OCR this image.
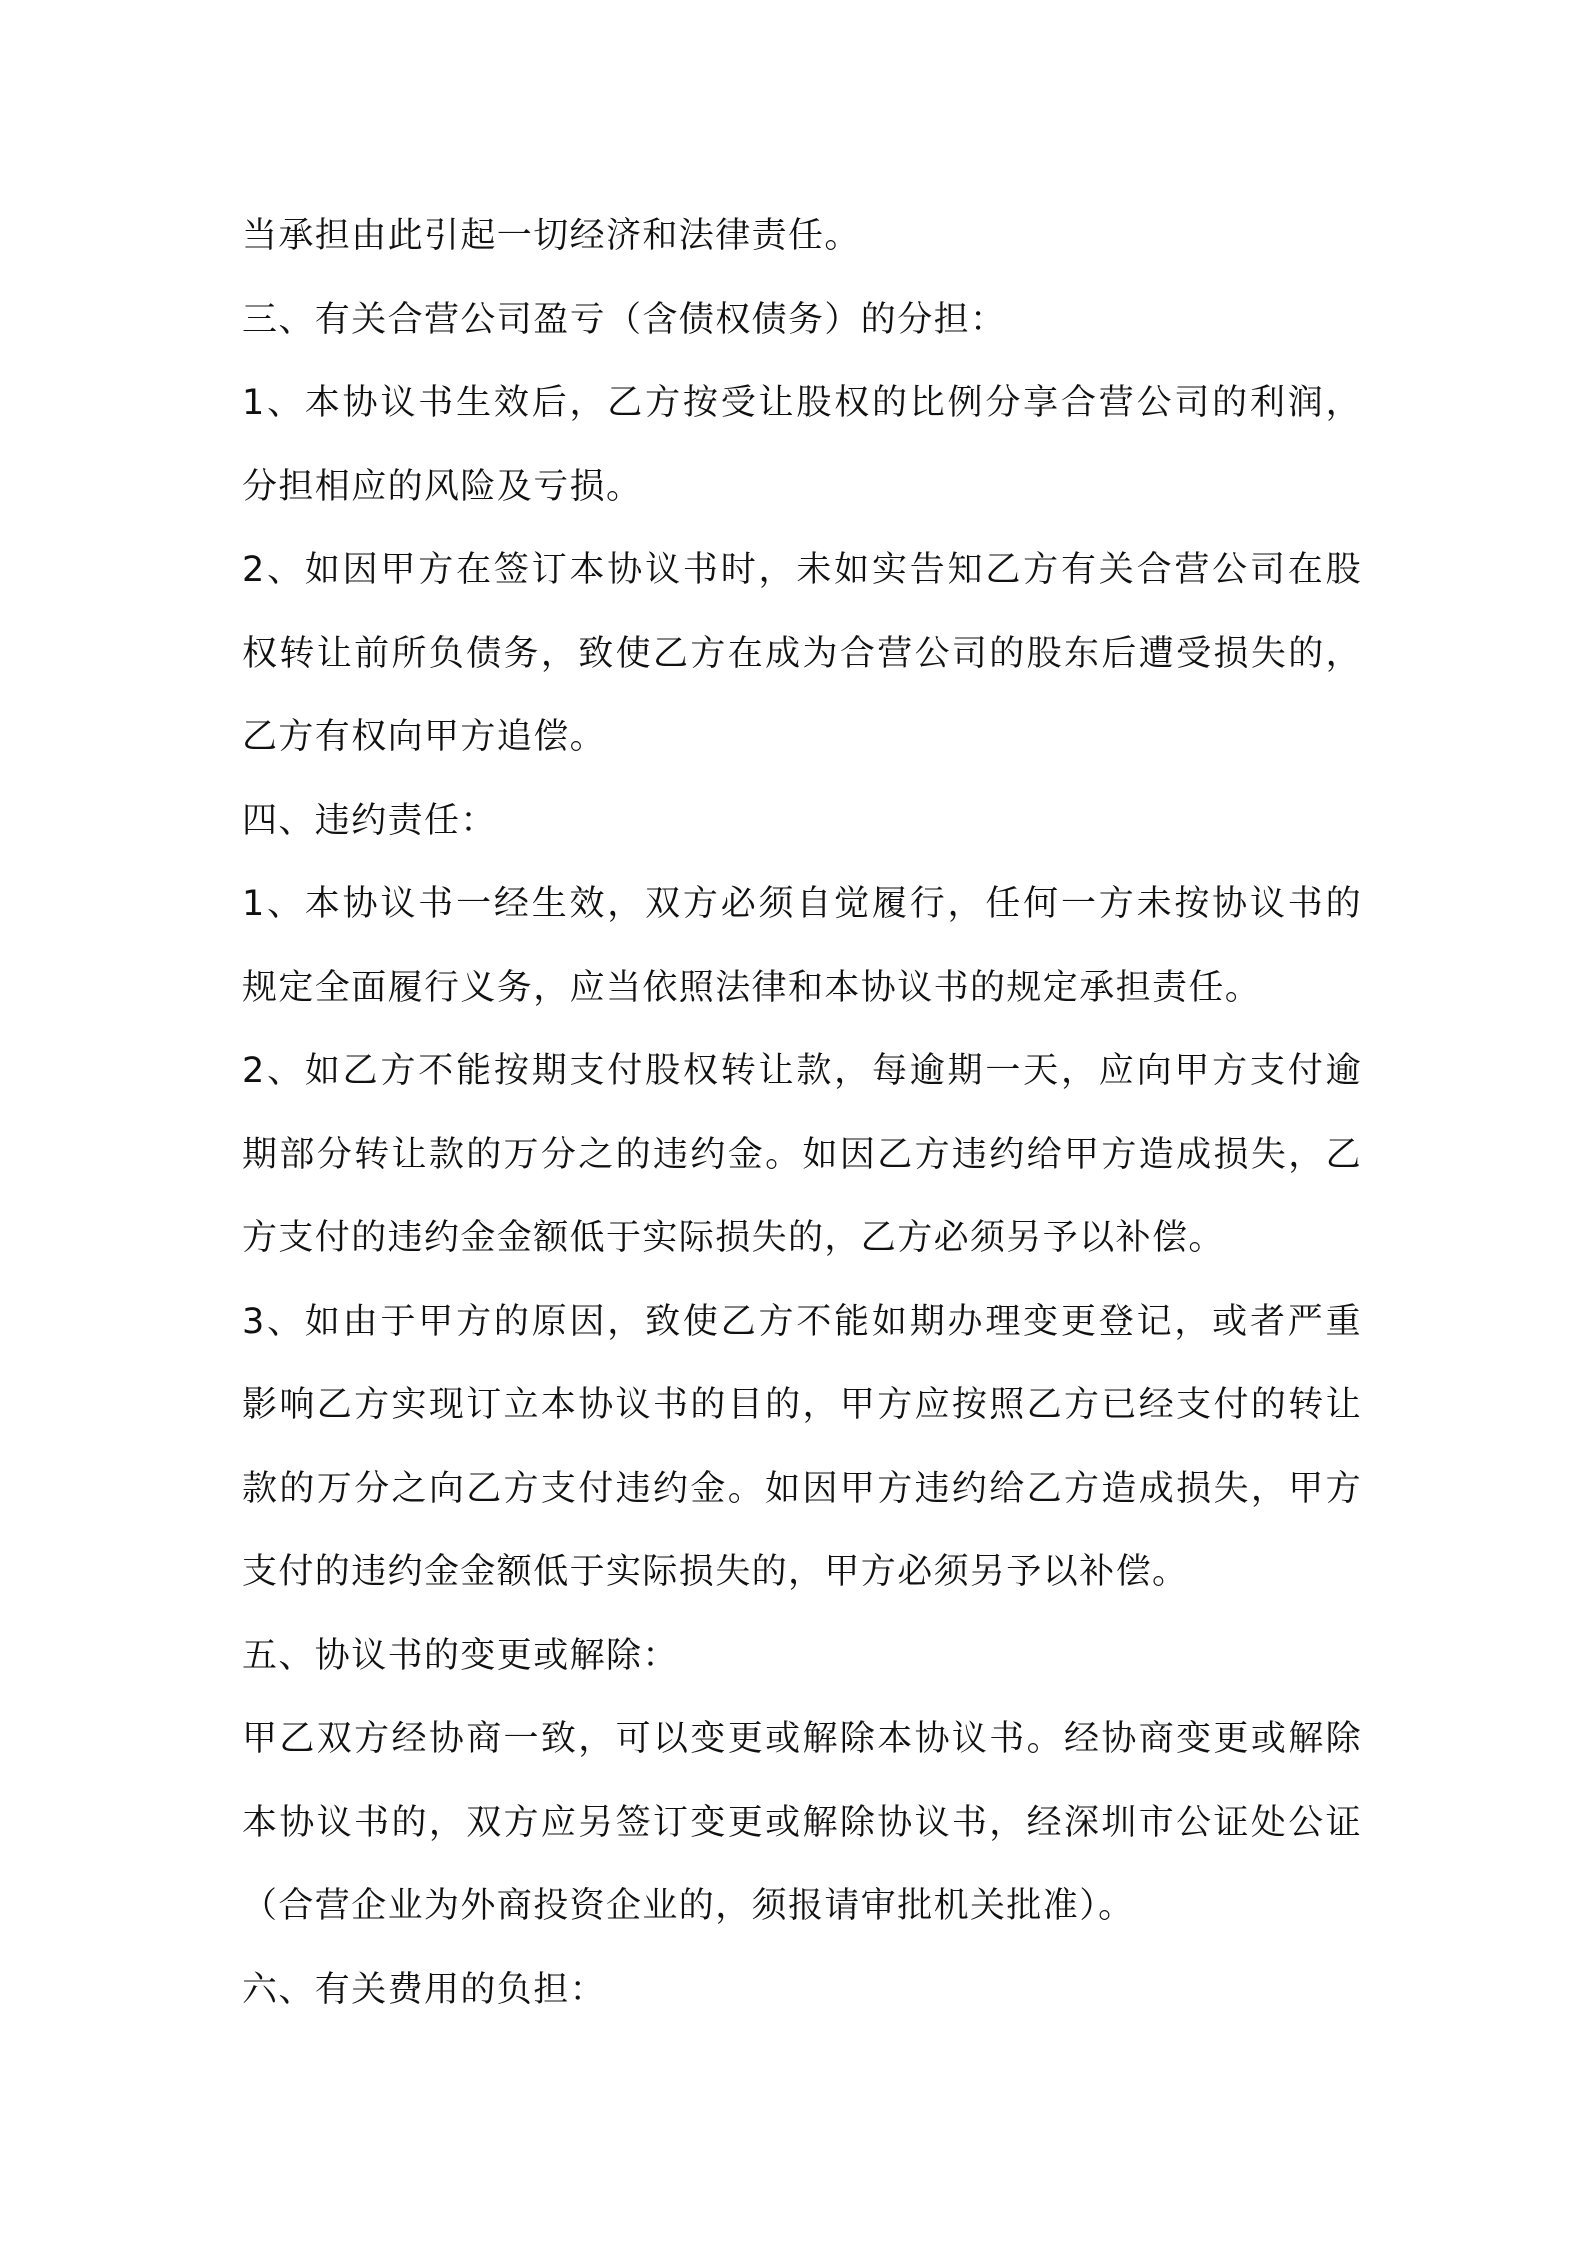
当承担由此引起一切经济和法律责任。
三、有关合营公司盈亏（含债权债务）的分担：
1、本协议书生效后，乙方按受让股权的比例分享合营公司的利润，
分担相应的风险及亏损。
2、如因甲方在签订本协议书时，未如实告知乙方有关合营公司在股
权转让前所负债务，致使乙方在成为合营公司的股东后遭受损失的，
乙方有权向甲方追偿。
四、违约责任：
1、本协议书一经生效，双方必须自觉履行，任何一方未按协议书的
规定全面履行义务，应当依照法律和本协议书的规定承担责任。
2、如乙方不能按期支付股权转让款，每逾期一天，应向甲方支付逾
期部分转让款的万分之的违约金。如因乙方违约给甲方造成损失，乙
方支付的违约金金额低于实际损失的，乙方必须另予以补偿。
3、如由于甲方的原因，致使乙方不能如期办理变更登记，或者严重
影响乙方实现订立本协议书的目的，甲方应按照乙方已经支付的转让
款的万分之向乙方支付违约金。如因甲方违约给乙方造成损失，甲方
支付的违约金金额低于实际损失的，甲方必须另予以补偿。
五、协议书的变更或解除：
甲乙双方经协商一致，可以变更或解除本协议书。经协商变更或解除
本协议书的，双方应另签订变更或解除协议书，经深圳市公证处公证
（合营企业为外商投资企业的，须报请审批机关批准）。
六、有关费用的负担：
